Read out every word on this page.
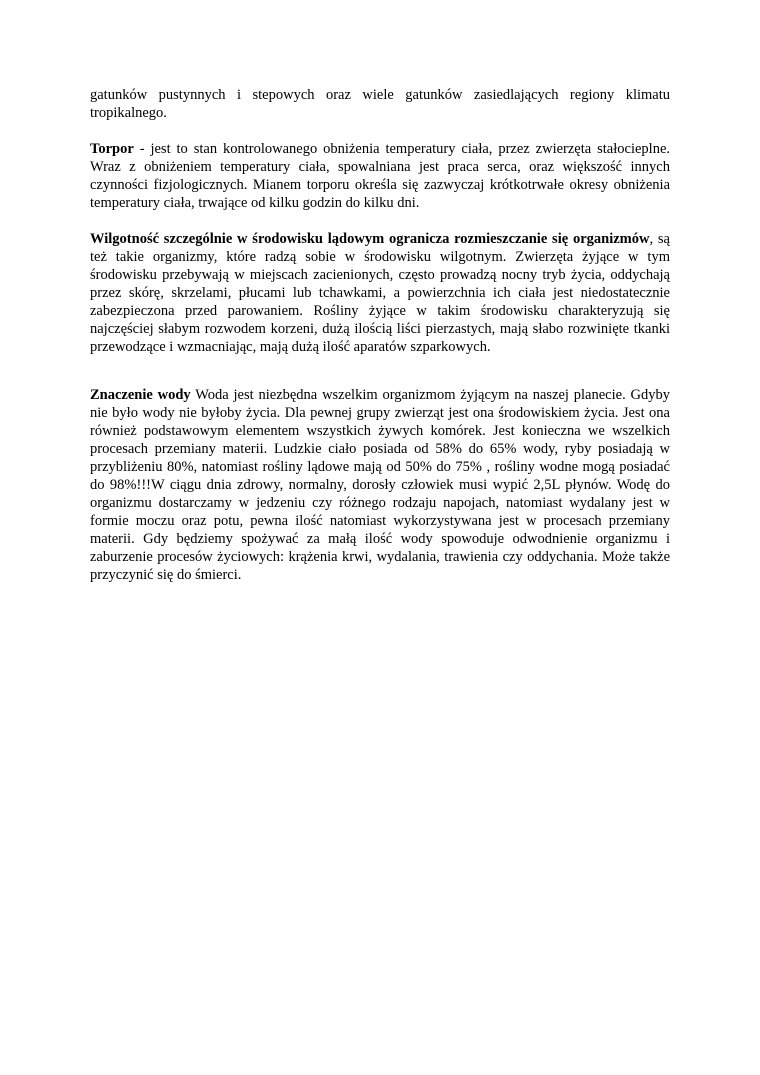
gatunków pustynnych i stepowych oraz wiele gatunków zasiedlających regiony klimatu tropikalnego.

Torpor - jest to stan kontrolowanego obniżenia temperatury ciała, przez zwierzęta stałocieplne. Wraz z obniżeniem temperatury ciała, spowalniana jest praca serca, oraz większość innych czynności fizjologicznych. Mianem torporu określa się zazwyczaj krótkotrwałe okresy obniżenia temperatury ciała, trwające od kilku godzin do kilku dni.

Wilgotność szczególnie w środowisku lądowym ogranicza rozmieszczanie się organizmów, są też takie organizmy, które radzą sobie w środowisku wilgotnym. Zwierzęta żyjące w tym środowisku przebywają w miejscach zacienionych, często prowadzą nocny tryb życia, oddychają przez skórę, skrzelami, płucami lub tchawkami, a powierzchnia ich ciała jest niedostatecznie zabezpieczona przed parowaniem. Rośliny żyjące w takim środowisku charakteryzują się najczęściej słabym rozwodem korzeni, dużą ilością liści pierzastych, mają słabo rozwinięte tkanki przewodzące i wzmacniając, mają dużą ilość aparatów szparkowych.

Znaczenie wody Woda jest niezbędna wszelkim organizmom żyjącym na naszej planecie. Gdyby nie było wody nie byłoby życia. Dla pewnej grupy zwierząt jest ona środowiskiem życia. Jest ona również podstawowym elementem wszystkich żywych komórek. Jest konieczna we wszelkich procesach przemiany materii. Ludzkie ciało posiada od 58% do 65% wody, ryby posiadają w przybliżeniu 80%, natomiast rośliny lądowe mają od 50% do 75% , rośliny wodne mogą posiadać do 98%!!!W ciągu dnia zdrowy, normalny, dorosły człowiek musi wypić 2,5L płynów. Wodę do organizmu dostarczamy w jedzeniu czy różnego rodzaju napojach, natomiast wydalany jest w formie moczu oraz potu, pewna ilość natomiast wykorzystywana jest w procesach przemiany materii. Gdy będziemy spożywać za małą ilość wody spowoduje odwodnienie organizmu i zaburzenie procesów życiowych: krążenia krwi, wydalania, trawienia czy oddychania. Może także przyczynić się do śmierci.
